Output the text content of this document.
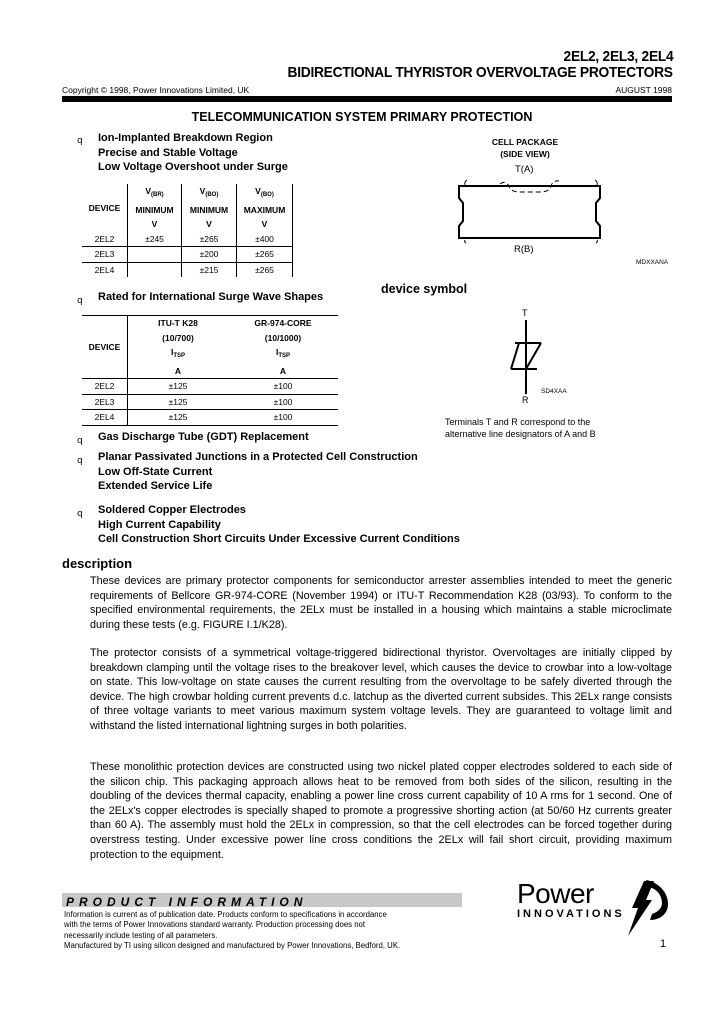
2EL2, 2EL3, 2EL4
BIDIRECTIONAL THYRISTOR OVERVOLTAGE PROTECTORS
Copyright © 1998, Power Innovations Limited, UK	AUGUST 1998
TELECOMMUNICATION SYSTEM PRIMARY PROTECTION
q Ion-Implanted Breakdown Region
Precise and Stable Voltage
Low Voltage Overshoot under Surge
DEVICE	$V_{(BR)}$	$V_{(BO)}$	$V_{(BO)}$
	MINIMUM	MINIMUM	MAXIMUM
	V	V	V
2EL2	±245	±265	±400
2EL3		±200	±265
2EL4		±215	±265
CELL PACKAGE
(SIDE VIEW)
T(A)
R(B)
MDXXANA
q Rated for International Surge Wave Shapes
DEVICE	ITU-T K28	GR-974-CORE
	(10/700)	(10/1000)
	$I_{TSP}$	$I_{TSP}$
	A	A
2EL2	±125	±100
2EL3	±125	±100
2EL4	±125	±100
device symbol
T
SD4XAA
R
Terminals T and R correspond to the
alternative line designators of A and B
q Gas Discharge Tube (GDT) Replacement
q Planar Passivated Junctions in a Protected Cell Construction
Low Off-State Current
Extended Service Life
q Soldered Copper Electrodes
High Current Capability
Cell Construction Short Circuits Under Excessive Current Conditions
description
These devices are primary protector components for semiconductor arrester assemblies intended to meet the generic requirements of Bellcore GR-974-CORE (November 1994) or ITU-T Recommendation K28 (03/93). To conform to the specified environmental requirements, the 2ELx must be installed in a housing which maintains a stable microclimate during these tests (e.g. FIGURE I.1/K28).
The protector consists of a symmetrical voltage-triggered bidirectional thyristor. Overvoltages are initially clipped by breakdown clamping until the voltage rises to the breakover level, which causes the device to crowbar into a low-voltage on state. This low-voltage on state causes the current resulting from the overvoltage to be safely diverted through the device. The high crowbar holding current prevents d.c. latchup as the diverted current subsides. This 2ELx range consists of three voltage variants to meet various maximum system voltage levels. They are guaranteed to voltage limit and withstand the listed international lightning surges in both polarities.
These monolithic protection devices are constructed using two nickel plated copper electrodes soldered to each side of the silicon chip. This packaging approach allows heat to be removed from both sides of the silicon, resulting in the doubling of the devices thermal capacity, enabling a power line cross current capability of 10 A rms for 1 second. One of the 2ELx's copper electrodes is specially shaped to promote a progressive shorting action (at 50/60 Hz currents greater than 60 A). The assembly must hold the 2ELx in compression, so that the cell electrodes can be forced together during overstress testing. Under excessive power line cross conditions the 2ELx will fail short circuit, providing maximum protection to the equipment.
PRODUCT INFORMATION
Information is current as of publication date. Products conform to specifications in accordance
with the terms of Power Innovations standard warranty. Production processing does not
necessarily include testing of all parameters.
Manufactured by TI using silicon designed and manufactured by Power Innovations, Bedford, UK.
Power
INNOVATIONS
1
